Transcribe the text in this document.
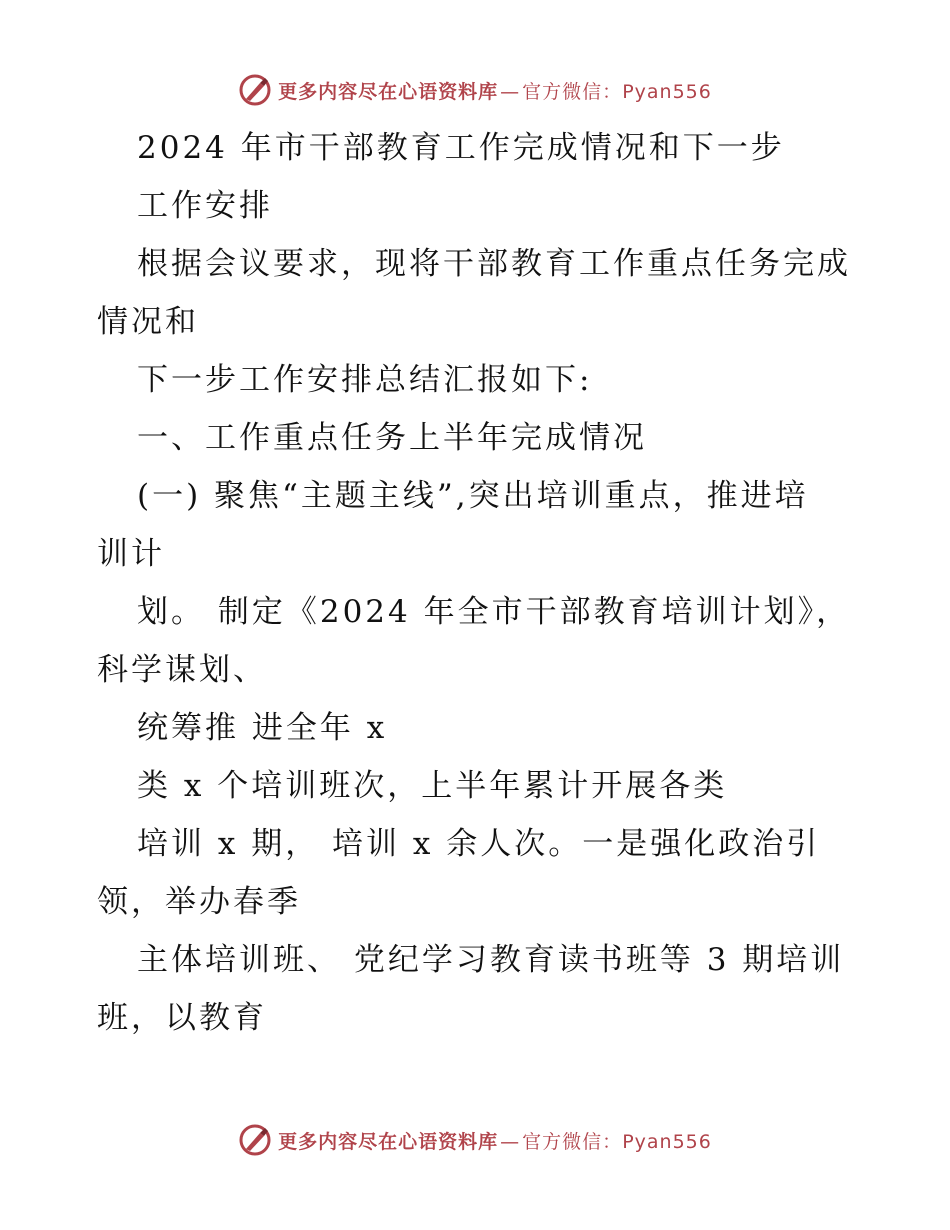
更多内容尽在心语资料库 — 官方微信：Pyan556
2024 年市干部教育工作完成情况和下一步
工作安排
根据会议要求，现将干部教育工作重点任务完成
情况和
下一步工作安排总结汇报如下:
一、工作重点任务上半年完成情况
(一) 聚焦“主题主线”,突出培训重点，推进培
训计
划。 制定《2024 年全市干部教育培训计划》，
科学谋划、
统筹推 进全年 x
类 x 个培训班次，上半年累计开展各类
培训 x 期， 培训 x 余人次。一是强化政治引
领，举办春季
主体培训班、 党纪学习教育读书班等 3 期培训
班，以教育
更多内容尽在心语资料库 — 官方微信：Pyan556
